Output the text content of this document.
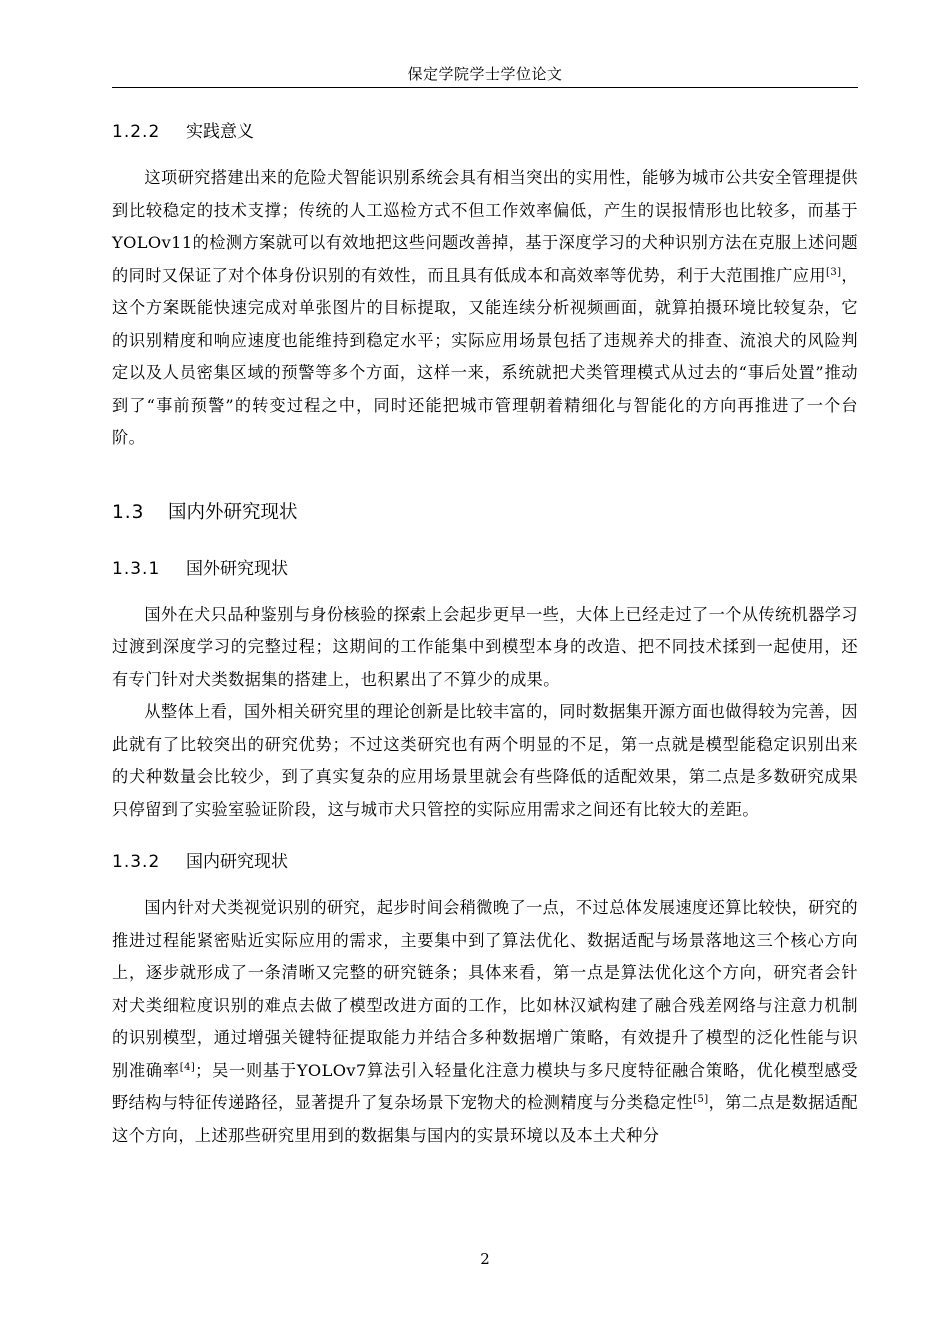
保定学院学士学位论文
1.2.2	实践意义

这项研究搭建出来的危险犬智能识别系统会具有相当突出的实用性，能够为城市公共安全管理提供到比较稳定的技术支撑；传统的人工巡检方式不但工作效率偏低，产生的误报情形也比较多，而基于YOLOv11的检测方案就可以有效地把这些问题改善掉，基于深度学习的犬种识别方法在克服上述问题的同时又保证了对个体身份识别的有效性，而且具有低成本和高效率等优势，利于大范围推广应用[3]，这个方案既能快速完成对单张图片的目标提取，又能连续分析视频画面，就算拍摄环境比较复杂，它的识别精度和响应速度也能维持到稳定水平；实际应用场景包括了违规养犬的排查、流浪犬的风险判定以及人员密集区域的预警等多个方面，这样一来，系统就把犬类管理模式从过去的“事后处置”推动到了“事前预警”的转变过程之中，同时还能把城市管理朝着精细化与智能化的方向再推进了一个台阶。

1.3	国内外研究现状
1.3.1	国外研究现状

国外在犬只品种鉴别与身份核验的探索上会起步更早一些，大体上已经走过了一个从传统机器学习过渡到深度学习的完整过程；这期间的工作能集中到模型本身的改造、把不同技术揉到一起使用，还有专门针对犬类数据集的搭建上，也积累出了不算少的成果。

从整体上看，国外相关研究里的理论创新是比较丰富的，同时数据集开源方面也做得较为完善，因此就有了比较突出的研究优势；不过这类研究也有两个明显的不足，第一点就是模型能稳定识别出来的犬种数量会比较少，到了真实复杂的应用场景里就会有些降低的适配效果，第二点是多数研究成果只停留到了实验室验证阶段，这与城市犬只管控的实际应用需求之间还有比较大的差距。

1.3.2	国内研究现状

国内针对犬类视觉识别的研究，起步时间会稍微晚了一点，不过总体发展速度还算比较快，研究的推进过程能紧密贴近实际应用的需求，主要集中到了算法优化、数据适配与场景落地这三个核心方向上，逐步就形成了一条清晰又完整的研究链条；具体来看，第一点是算法优化这个方向，研究者会针对犬类细粒度识别的难点去做了模型改进方面的工作，比如林汉斌构建了融合残差网络与注意力机制的识别模型，通过增强关键特征提取能力并结合多种数据增广策略，有效提升了模型的泛化性能与识别准确率[4]；吴一则基于YOLOv7算法引入轻量化注意力模块与多尺度特征融合策略，优化模型感受野结构与特征传递路径，显著提升了复杂场景下宠物犬的检测精度与分类稳定性[5]，第二点是数据适配这个方向，上述那些研究里用到的数据集与国内的实景环境以及本土犬种分

2
